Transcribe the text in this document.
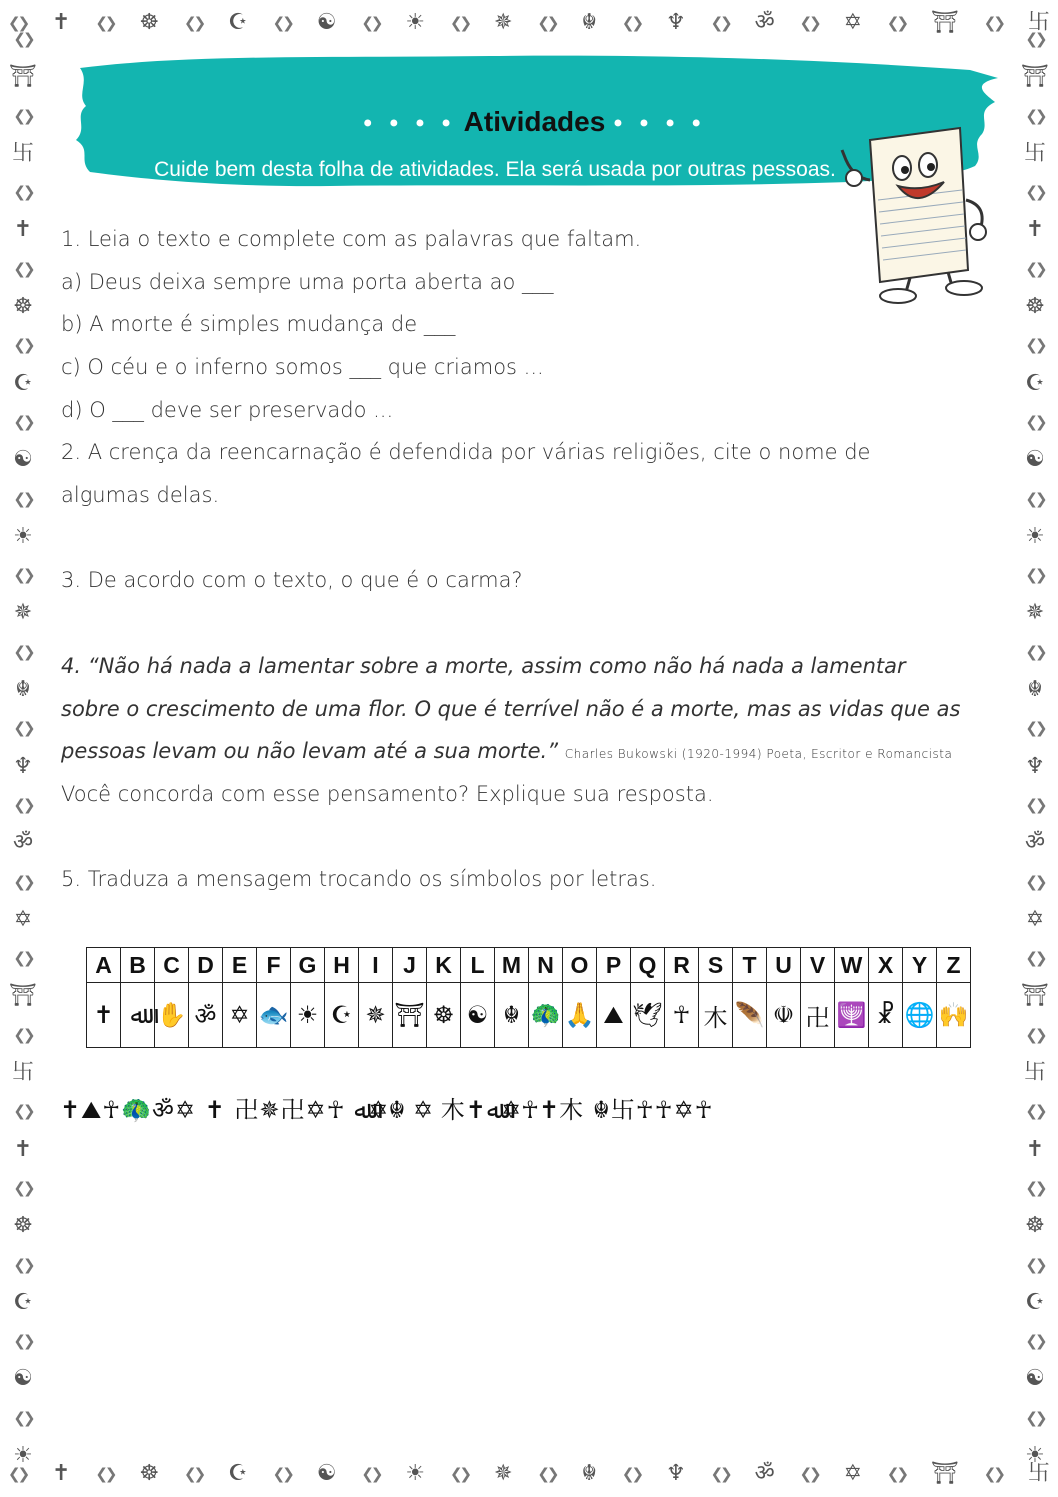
❮❯ ✝ ❮❯ ☸ ❮❯ ☪ ❮❯ ☯ ❮❯ ☀ ❮❯ ✵ ❮❯ ☬ ❮❯ ♆ ❮❯ ॐ ❮❯ ✡ ❮❯ ⛩ ❮❯ 卐
❮❯ ✝ ❮❯ ☸ ❮❯ ☪ ❮❯ ☯ ❮❯ ☀ ❮❯ ✵ ❮❯ ☬ ❮❯ ♆ ❮❯ ॐ ❮❯ ✡ ❮❯ ⛩ ❮❯ 卐
❮❯
⛩
❮❯
卐
❮❯
✝
❮❯
☸
❮❯
☪
❮❯
☯
❮❯
☀
❮❯
✵
❮❯
☬
❮❯
♆
❮❯
ॐ
❮❯
✡
❮❯
⛩
❮❯
卐
❮❯
✝
❮❯
☸
❮❯
☪
❮❯
☯
❮❯
☀
❮❯
⛩
❮❯
卐
❮❯
✝
❮❯
☸
❮❯
☪
❮❯
☯
❮❯
☀
❮❯
✵
❮❯
☬
❮❯
♆
❮❯
ॐ
❮❯
✡
❮❯
⛩
❮❯
卐
❮❯
✝
❮❯
☸
❮❯
☪
❮❯
☯
❮❯
☀
● ● ● ● Atividades ● ● ● ●
Cuide bem desta folha de atividades. Ela será usada por outras pessoas.
Responda às questões a seguir no seu caderno.
1. Leia o texto e complete com as palavras que faltam.
a) Deus deixa sempre uma porta aberta ao ___
b) A morte é simples mudança de ___
c) O céu e o inferno somos ___ que criamos ...
d) O ___ deve ser preservado ...
2. A crença da reencarnação é defendida por várias religiões, cite o nome de
algumas delas.
3. De acordo com o texto, o que é o carma?
4. “Não há nada a lamentar sobre a morte, assim como não há nada a lamentar
sobre o crescimento de uma flor. O que é terrível não é a morte, mas as vidas que as
pessoas levam ou não levam até a sua morte.” Charles Bukowski (1920-1994) Poeta, Escritor e Romancista
Você concorda com esse pensamento? Explique sua resposta.
5. Traduza a mensagem trocando os símbolos por letras.
A	B	C	D	E	F	G	H	I	J	K	L	M	N	O	P	Q	R	S	T	U	V	W	X	Y	Z
✝	ﷲ	✋	ॐ	✡	🐟	☀	☪	✵	⛩	☸	☯	☬	🦚	🙏	⛰	🕊	☥	木	🪶	☫	卍	🕎	☧	🌐	🙌
✝⛰☥🦚ॐ✡ ✝ 卍✵卍✡☥ ﷲ✡☬ ✡ 木✝ﷲ✡☥✝木 ☬卐☥☥✡☥
